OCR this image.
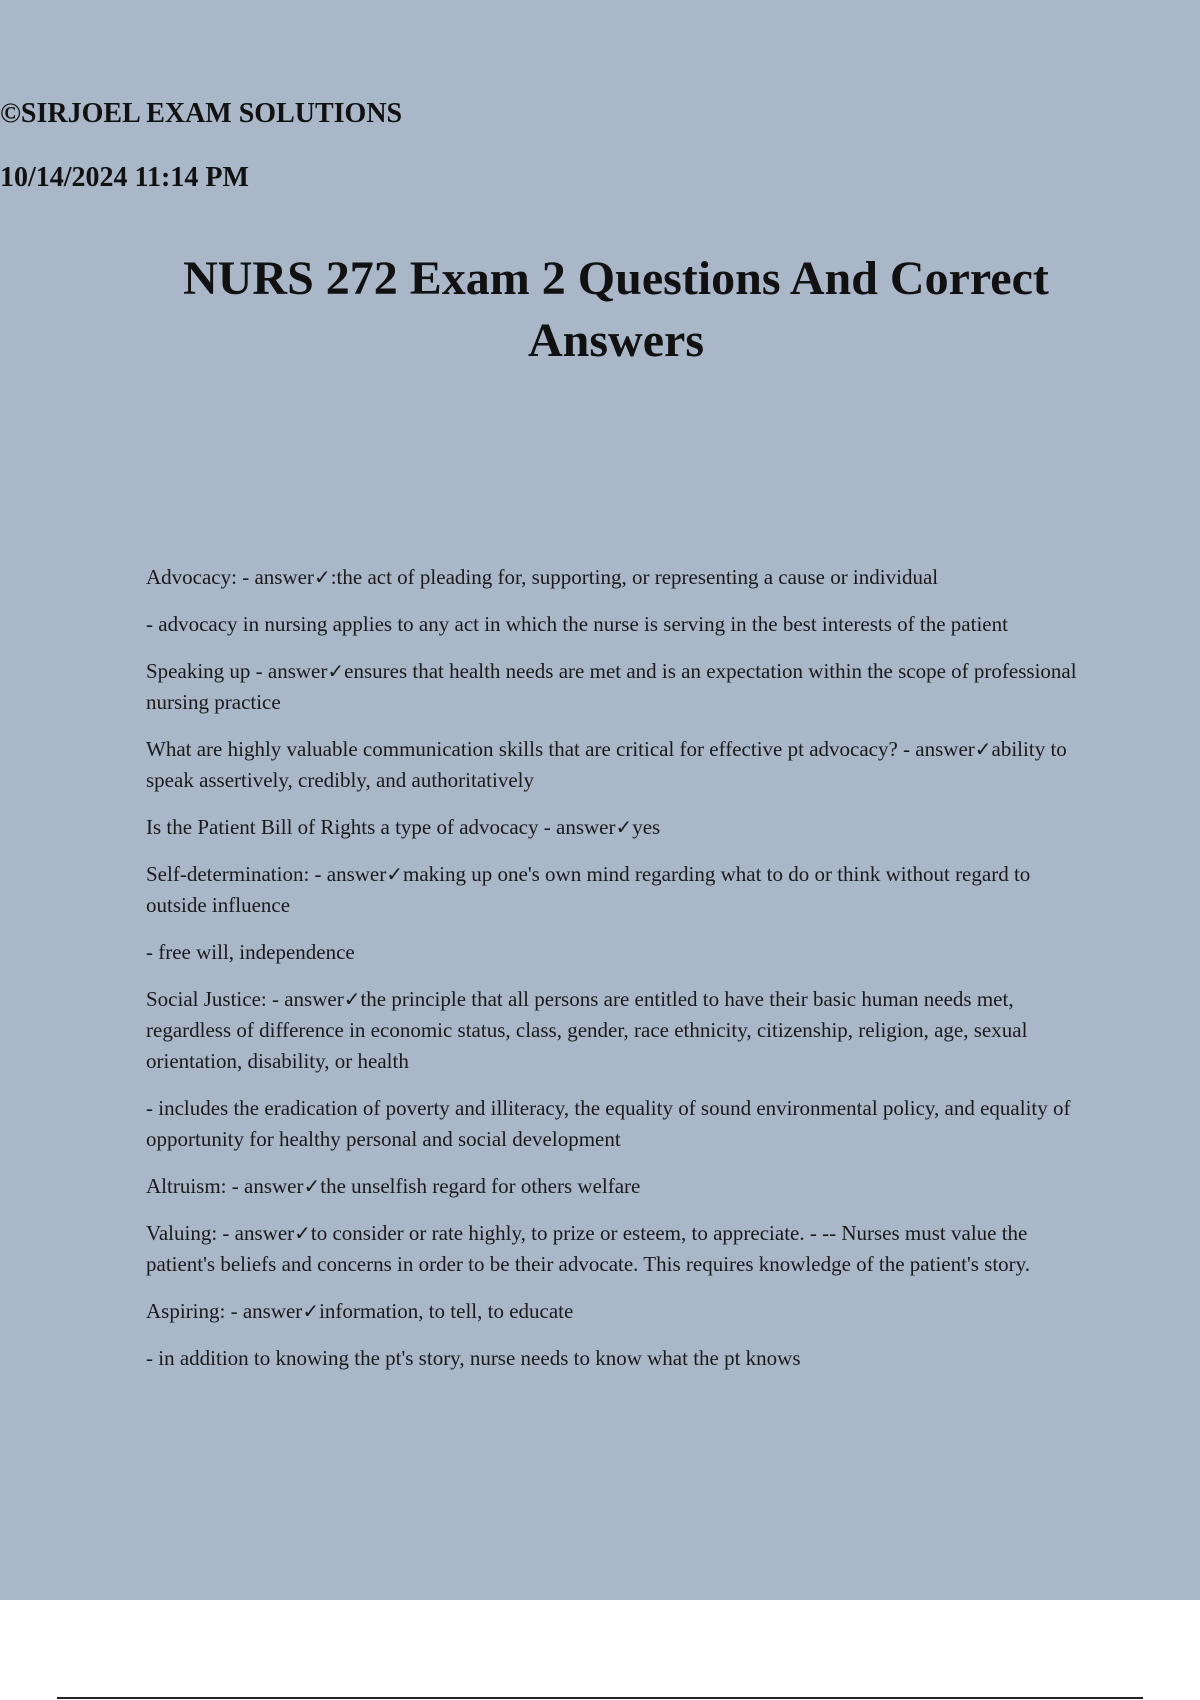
©SIRJOEL EXAM SOLUTIONS
10/14/2024 11:14 PM
NURS 272 Exam 2 Questions And Correct Answers

Advocacy: - answer✓:the act of pleading for, supporting, or representing a cause or individual

- advocacy in nursing applies to any act in which the nurse is serving in the best interests of the patient

Speaking up - answer✓ensures that health needs are met and is an expectation within the scope of professional nursing practice

What are highly valuable communication skills that are critical for effective pt advocacy? - answer✓ability to speak assertively, credibly, and authoritatively

Is the Patient Bill of Rights a type of advocacy - answer✓yes

Self-determination: - answer✓making up one's own mind regarding what to do or think without regard to outside influence

- free will, independence

Social Justice: - answer✓the principle that all persons are entitled to have their basic human needs met, regardless of difference in economic status, class, gender, race ethnicity, citizenship, religion, age, sexual orientation, disability, or health

- includes the eradication of poverty and illiteracy, the equality of sound environmental policy, and equality of opportunity for healthy personal and social development

Altruism: - answer✓the unselfish regard for others welfare

Valuing: - answer✓to consider or rate highly, to prize or esteem, to appreciate. - -- Nurses must value the patient's beliefs and concerns in order to be their advocate. This requires knowledge of the patient's story.

Aspiring: - answer✓information, to tell, to educate

- in addition to knowing the pt's story, nurse needs to know what the pt knows
